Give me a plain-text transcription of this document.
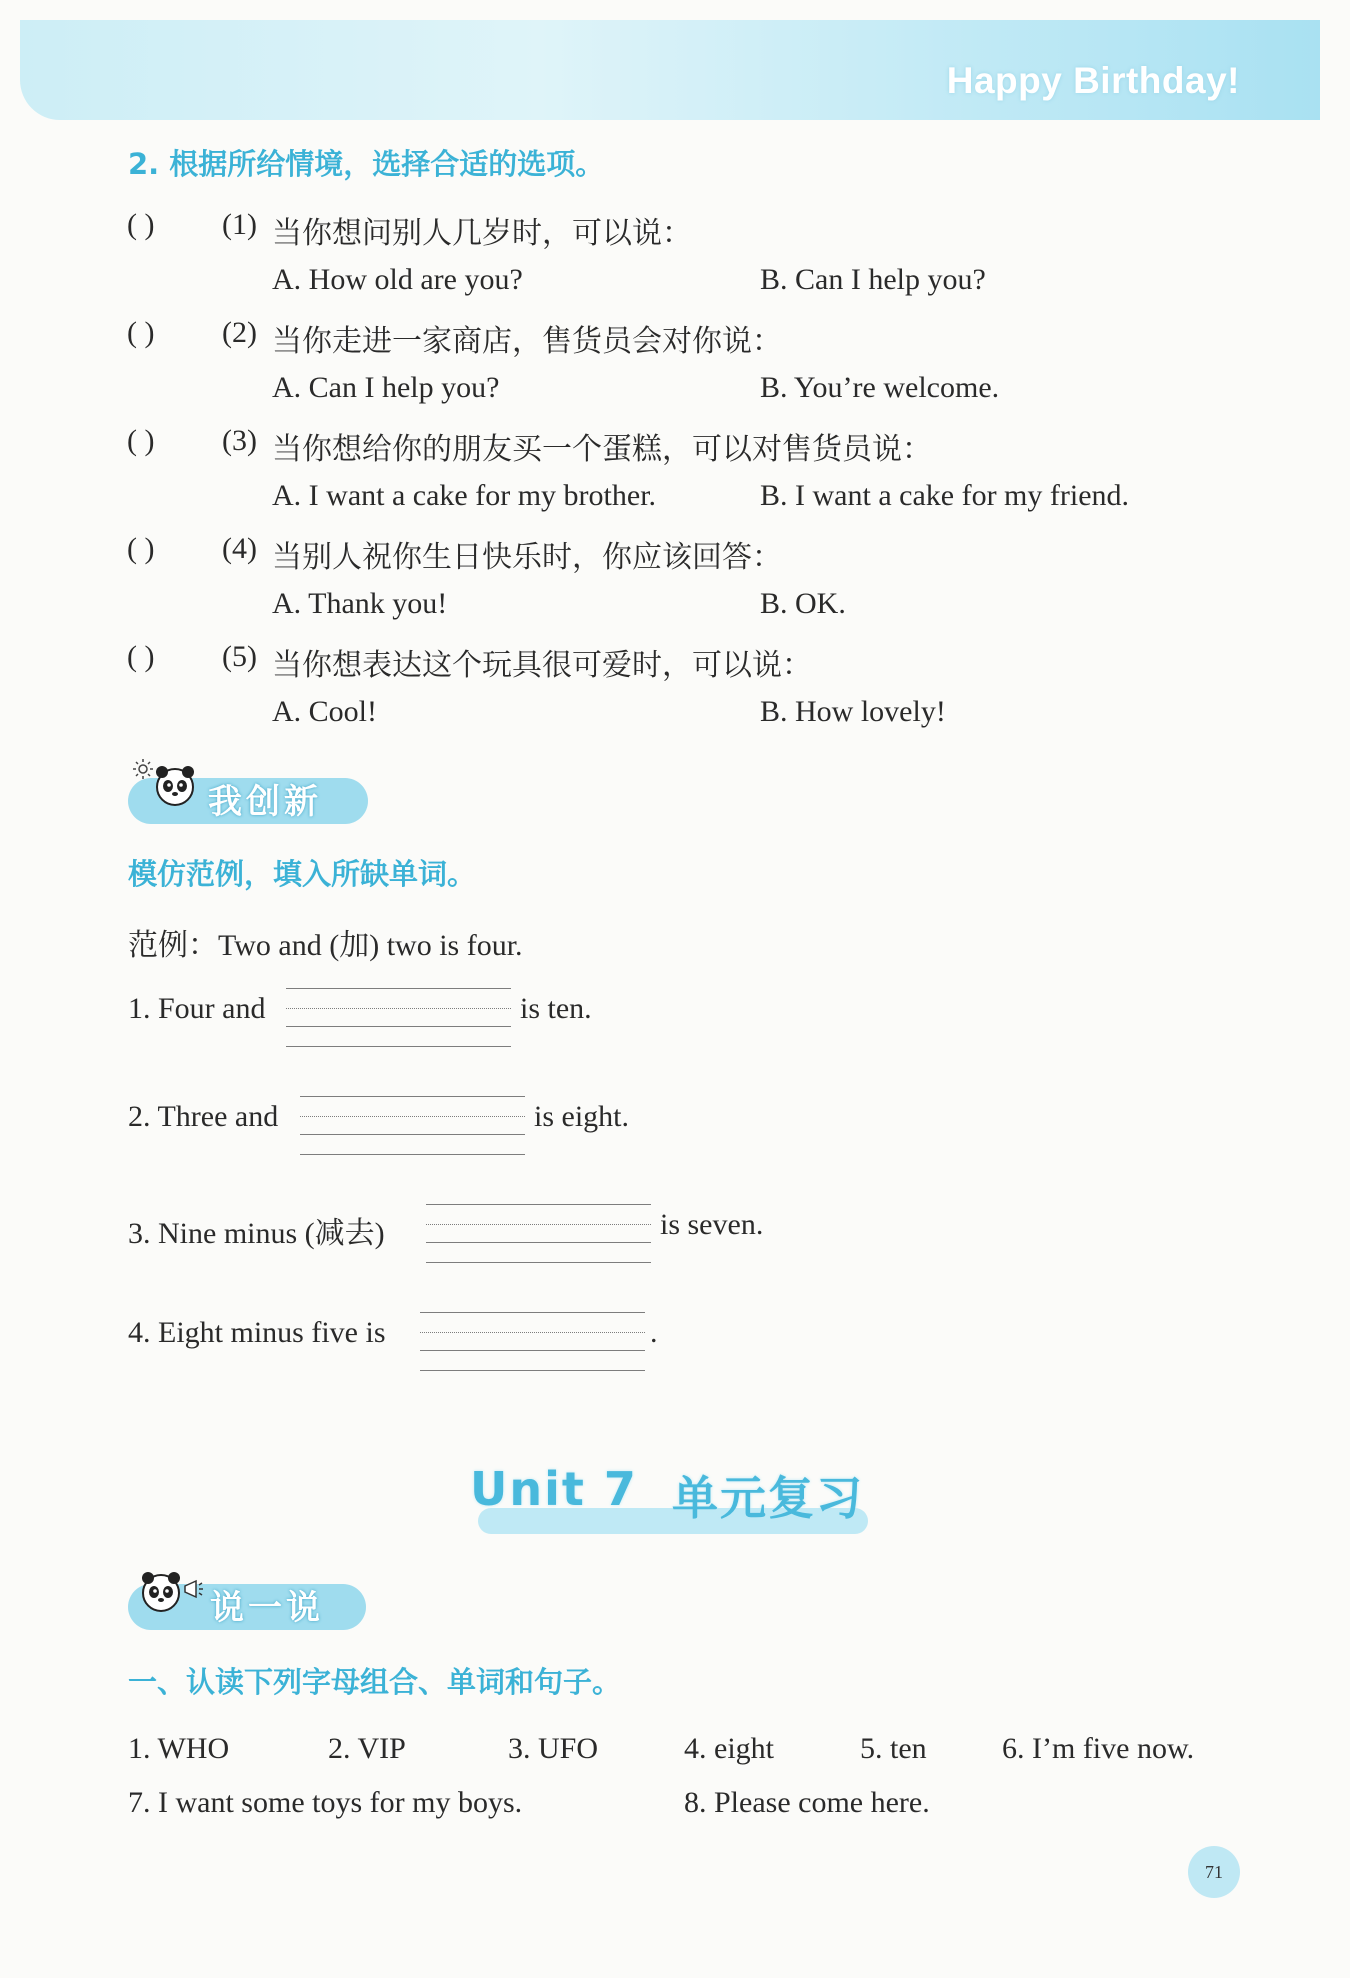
Happy Birthday!
2. 根据所给情境，选择合适的选项。
( ) (1) 当你想问别人几岁时，可以说：
A. How old are you?	B. Can I help you?
( ) (2) 当你走进一家商店，售货员会对你说：
A. Can I help you?	B. You’re welcome.
( ) (3) 当你想给你的朋友买一个蛋糕，可以对售货员说：
A. I want a cake for my brother.	B. I want a cake for my friend.
( ) (4) 当别人祝你生日快乐时，你应该回答：
A. Thank you!	B. OK.
( ) (5) 当你想表达这个玩具很可爱时，可以说：
A. Cool!	B. How lovely!
我创新
模仿范例，填入所缺单词。
范例：Two and (加) two is four.
1. Four and	is ten.
2. Three and	is eight.
3. Nine minus (减去)	is seven.
4. Eight minus five is	.
Unit 7 单元复习
说一说
一、认读下列字母组合、单词和句子。
1. WHO	2. VIP	3. UFO	4. eight	5. ten	6. I’m five now.
7. I want some toys for my boys.	8. Please come here.
71
